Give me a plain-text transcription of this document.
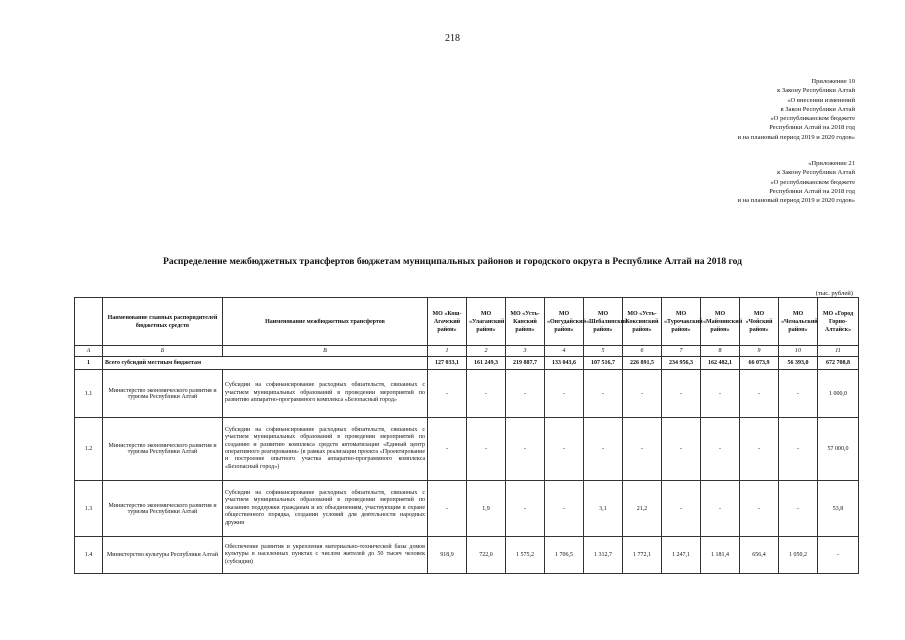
218
Приложение 10
к Закону Республики Алтай
«О внесении изменений
в Закон Республики Алтай
«О республиканском бюджете
Республики Алтай на 2018 год
и на плановый период 2019 и 2020 годов»
«Приложение 21
к Закону Республики Алтай
«О республиканском бюджете
Республики Алтай на 2018 год
и на плановый период 2019 и 2020 годов»
Распределение межбюджетных трансфертов бюджетам муниципальных районов и городского округа в Республике Алтай на 2018 год
(тыс. рублей)
	Наименование главных распорядителей бюджетных средств	Наименование межбюджетных трансфертов	МО «Кош-Агачский район»	МО «Улаганский район»	МО «Усть-Канский район»	МО «Онгудайский район»	МО «Шебалинский район»	МО «Усть-Коксинский район»	МО «Турочакский район»	МО «Майминский район»	МО «Чойский район»	МО «Чемальский район»	МО «Город Горно-Алтайск»
А	Б	В	1	2	3	4	5	6	7	8	9	10	11
1	Всего субсидий местным бюджетам		127 033,1	161 249,3	219 887,7	133 043,6	107 516,7	226 891,5	234 956,3	162 482,1	66 073,9	56 393,0	672 708,8
1.1	Министерство экономического развития и туризма Республики Алтай	Субсидии на софинансирование расходных обязательств, связанных с участием муниципальных образований в проведении мероприятий по развитию аппаратно-программного комплекса «Безопасный город»	-	-	-	-	-	-	-	-	-	-	1 000,0
1.2	Министерство экономического развития и туризма Республики Алтай	Субсидии на софинансирование расходных обязательств, связанных с участием муниципальных образований в проведении мероприятий по созданию и развитию комплекса средств автоматизации «Единый центр оперативного реагирования» (в рамках реализации проекта «Проектирование и построение опытного участка аппаратно-программного комплекса «Безопасный город»)	-	-	-	-	-	-	-	-	-	-	57 000,0
1.3	Министерство экономического развития и туризма Республики Алтай	Субсидии на софинансирование расходных обязательств, связанных с участием муниципальных образований в проведении мероприятий по оказанию поддержки гражданам и их объединениям, участвующим в охране общественного порядка, создании условий для деятельности народных дружин	-	1,9	-	-	3,1	21,2	-	-	-	-	53,8
1.4	Министерство культуры Республики Алтай	Обеспечение развития и укрепления материально-технической базы домов культуры в населенных пунктах с числом жителей до 50 тысяч человек (субсидии)	918,9	722,0	1 575,2	1 706,5	1 312,7	1 772,1	1 247,1	1 181,4	656,4	1 050,2	-
